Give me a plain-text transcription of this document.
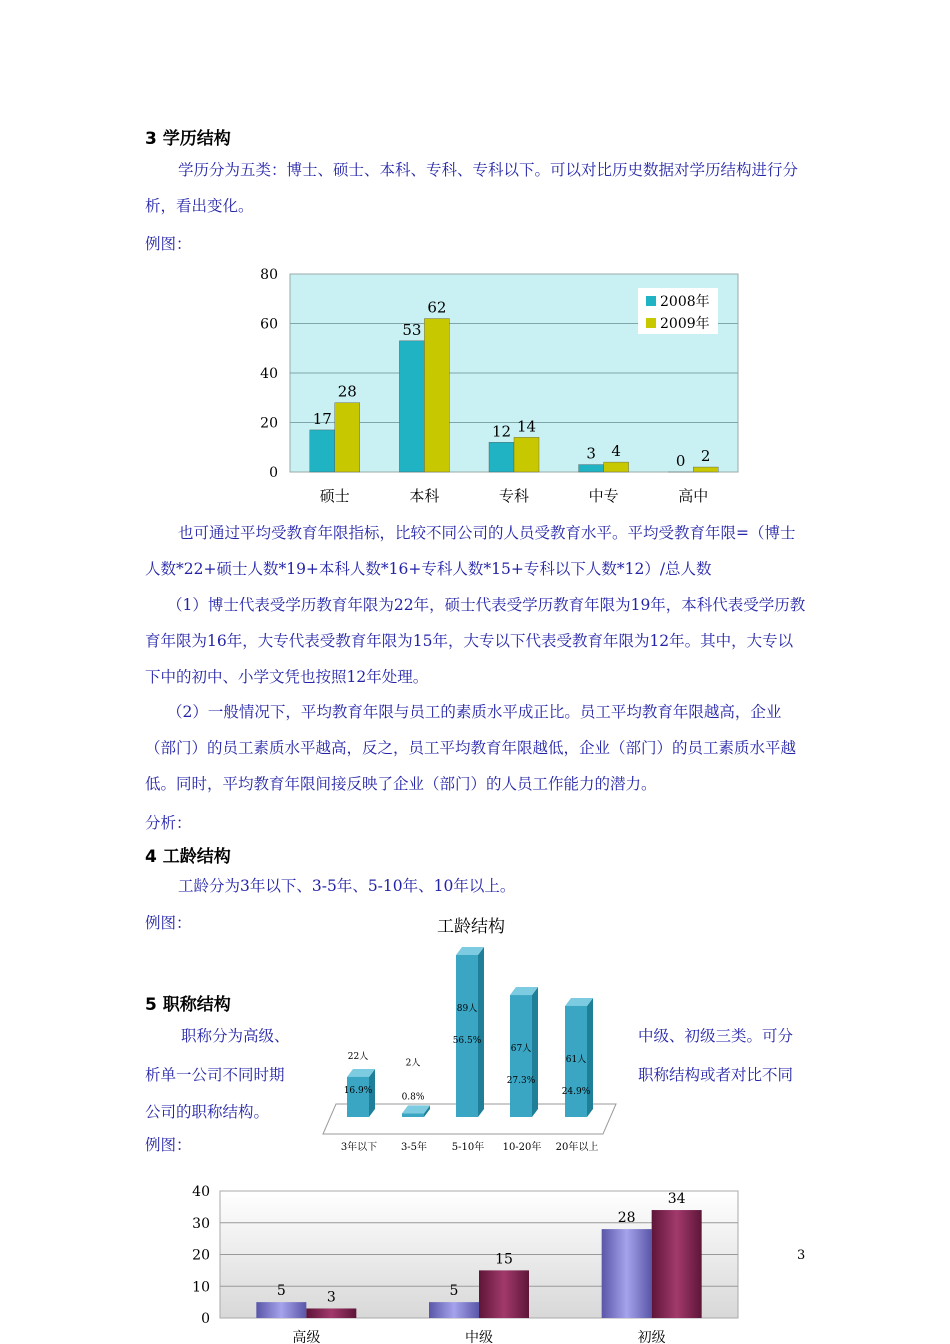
3 学历结构

学历分为五类：博士、硕士、本科、专科、专科以下。可以对比历史数据对学历结构进行分析，看出变化。

例图：
0
20
40
60
80
17
28
53
62
12 14
3 4
0 2
硕士	本科	专科	中专	高中
2008年
2009年

也可通过平均受教育年限指标，比较不同公司的人员受教育水平。平均受教育年限=（博士人数*22+硕士人数*19+本科人数*16+专科人数*15+专科以下人数*12）/总人数

（1）博士代表受学历教育年限为22年，硕士代表受学历教育年限为19年，本科代表受学历教育年限为16年，大专代表受教育年限为15年，大专以下代表受教育年限为12年。其中，大专以下中的初中、小学文凭也按照12年处理。

（2）一般情况下，平均教育年限与员工的素质水平成正比。员工平均教育年限越高，企业（部门）的员工素质水平越高，反之，员工平均教育年限越低，企业（部门）的员工素质水平越低。同时，平均教育年限间接反映了企业（部门）的人员工作能力的潜力。

分析：
4 工龄结构

工龄分为3年以下、3-5年、5-10年、10年以上。

例图：	工龄结构
22人
16.9%
2人
0.8%
89人
56.5%
67人
27.3%
61人
24.9%
3年以下 3-5年 5-10年 10-20年 20年以上
5 职称结构
职称分为高级、	中级、初级三类。可分
析单一公司不同时期	职称结构或者对比不同
公司的职称结构。
例图：
0
10
20
30
40
5	3	5
15
28
34
高级	中级	初级
3
